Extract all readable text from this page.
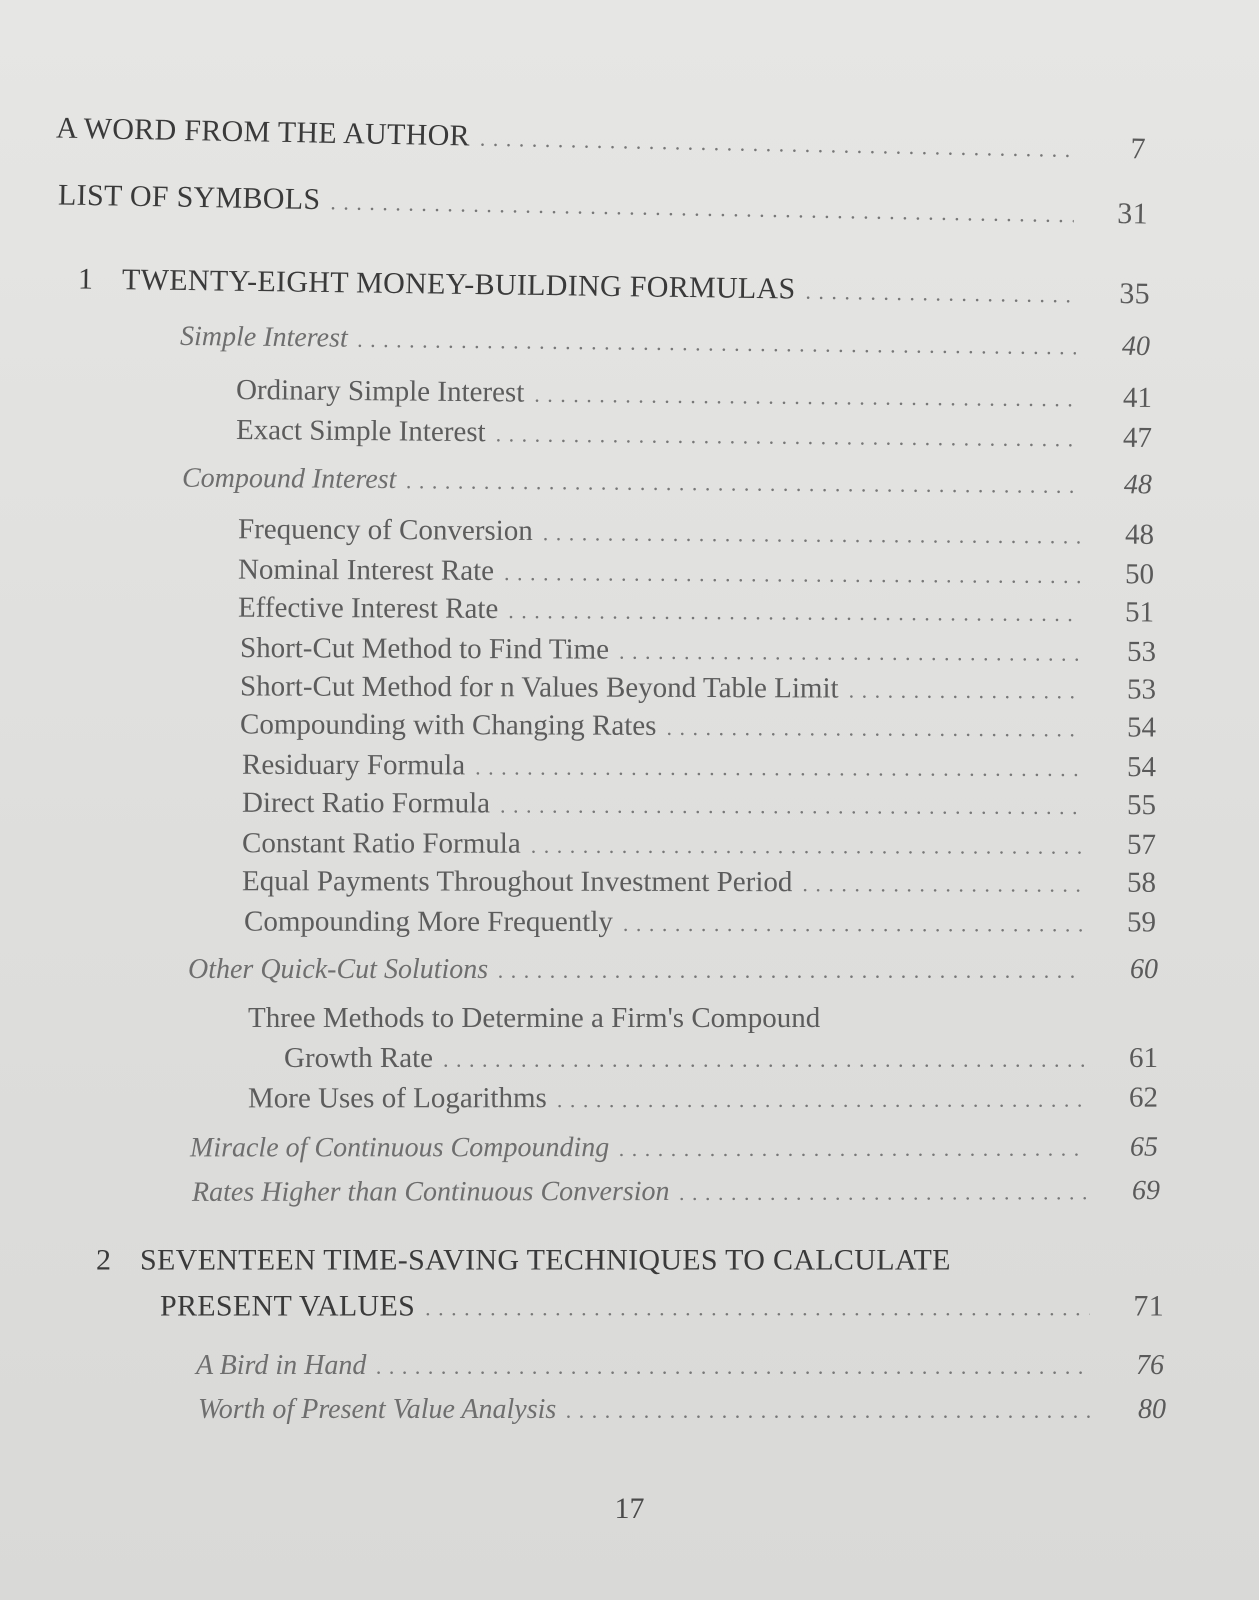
A WORD FROM THE AUTHOR . . .	7
LIST OF SYMBOLS . . .	31
1 TWENTY-EIGHT MONEY-BUILDING FORMULAS . . .	35
Simple Interest . . .	40
Ordinary Simple Interest . . .	41
Exact Simple Interest . . .	47
Compound Interest . . .	48
Frequency of Conversion . . .	48
Nominal Interest Rate . . .	50
Effective Interest Rate . . .	51
Short-Cut Method to Find Time . . .	53
Short-Cut Method for n Values Beyond Table Limit . . .	53
Compounding with Changing Rates . . .	54
Residuary Formula . . .	54
Direct Ratio Formula . . .	55
Constant Ratio Formula . . .	57
Equal Payments Throughout Investment Period . . .	58
Compounding More Frequently . . .	59
Other Quick-Cut Solutions . . .	60
Three Methods to Determine a Firm's Compound
Growth Rate . . .	61
More Uses of Logarithms . . .	62
Miracle of Continuous Compounding . . .	65
Rates Higher than Continuous Conversion . . .	69
2 SEVENTEEN TIME-SAVING TECHNIQUES TO CALCULATE
PRESENT VALUES . . .	71
A Bird in Hand . . .	76
Worth of Present Value Analysis . . .	80
17
